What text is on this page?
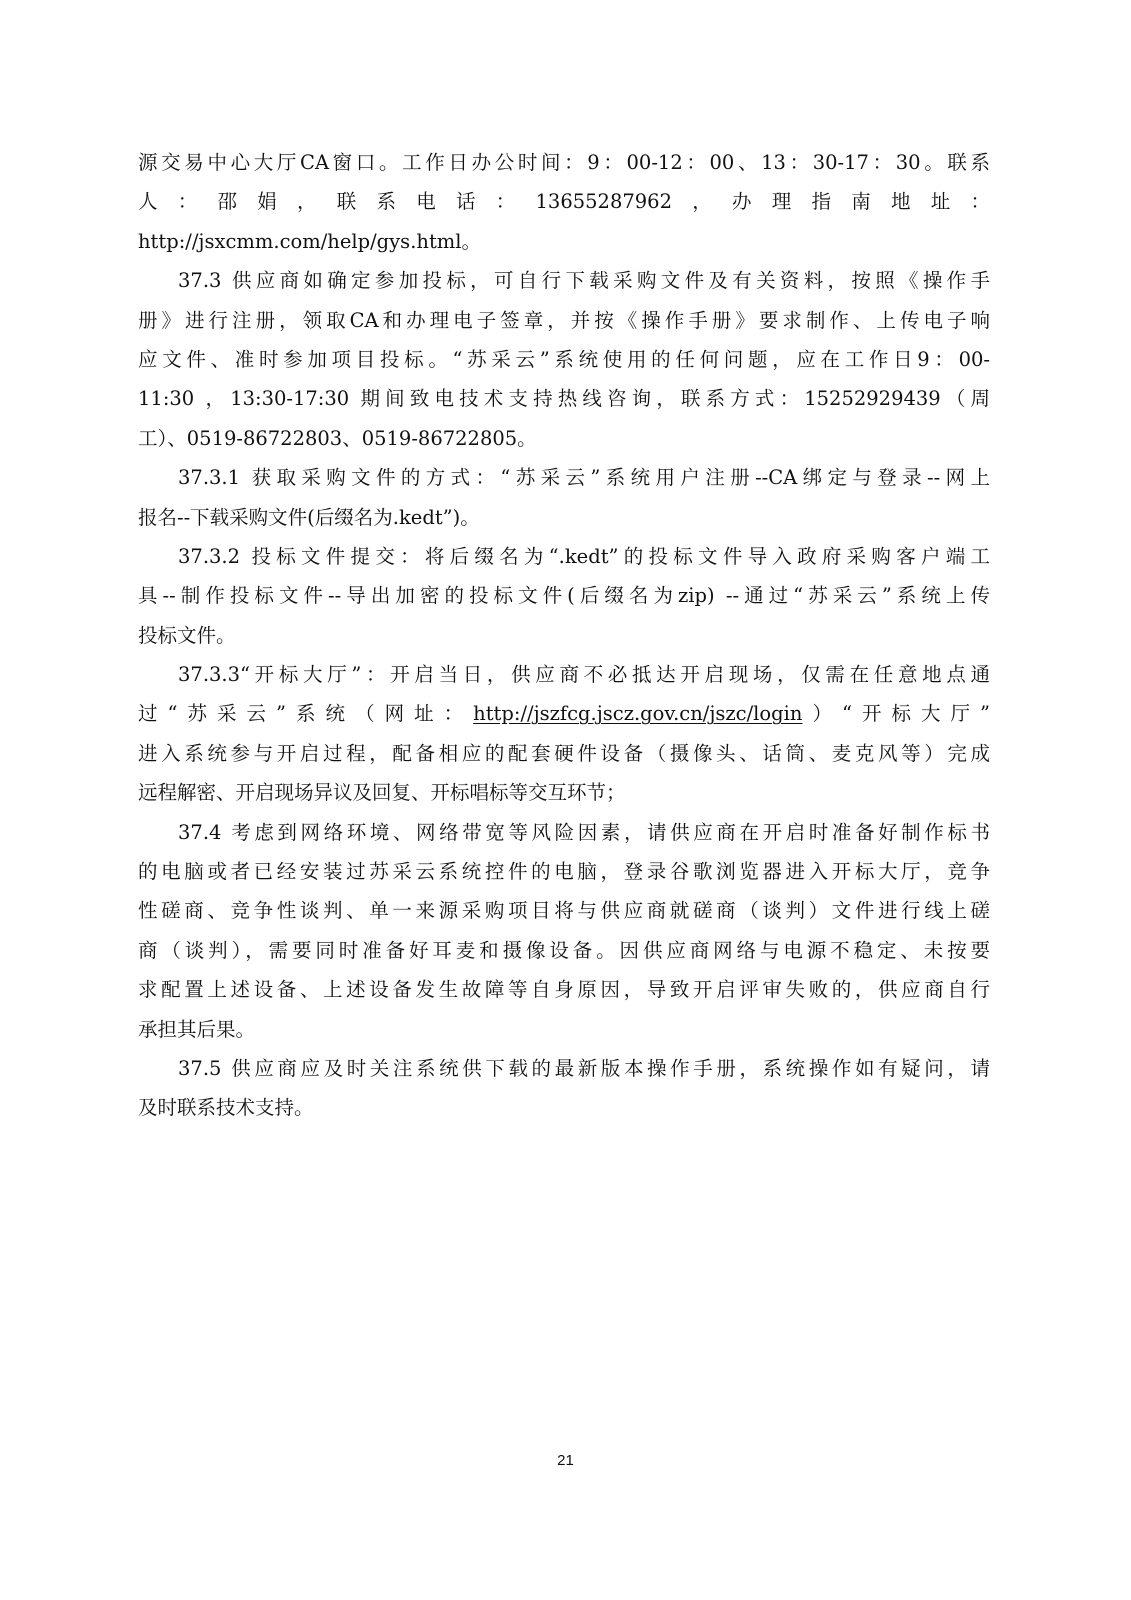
源交易中心大厅CA窗口。工作日办公时间：9：00-12：00、13：30-17：30。联系
人：邵娟，联系电话：13655287962，办理指南地址：
http://jsxcmm.com/help/gys.html。
37.3 供应商如确定参加投标，可自行下载采购文件及有关资料，按照《操作手
册》进行注册，领取CA和办理电子签章，并按《操作手册》要求制作、上传电子响
应文件、准时参加项目投标。“苏采云”系统使用的任何问题，应在工作日9：00-
11:30 ，13:30-17:30 期间致电技术支持热线咨询，联系方式：15252929439（周
工）、0519-86722803、0519-86722805。
37.3.1 获取采购文件的方式：“苏采云”系统用户注册--CA绑定与登录--网上
报名--下载采购文件(后缀名为.kedt”)。
37.3.2 投标文件提交：将后缀名为“.kedt”的投标文件导入政府采购客户端工
具--制作投标文件--导出加密的投标文件(后缀名为zip) --通过“苏采云”系统上传
投标文件。
37.3.3“开标大厅”：开启当日，供应商不必抵达开启现场，仅需在任意地点通
过“苏采云”系统（网址：http://jszfcg.jscz.gov.cn/jszc/login）“开标大厅”
进入系统参与开启过程，配备相应的配套硬件设备（摄像头、话筒、麦克风等）完成
远程解密、开启现场异议及回复、开标唱标等交互环节；
37.4 考虑到网络环境、网络带宽等风险因素，请供应商在开启时准备好制作标书
的电脑或者已经安装过苏采云系统控件的电脑，登录谷歌浏览器进入开标大厅，竞争
性磋商、竞争性谈判、单一来源采购项目将与供应商就磋商（谈判）文件进行线上磋
商（谈判），需要同时准备好耳麦和摄像设备。因供应商网络与电源不稳定、未按要
求配置上述设备、上述设备发生故障等自身原因，导致开启评审失败的，供应商自行
承担其后果。
37.5 供应商应及时关注系统供下载的最新版本操作手册，系统操作如有疑问，请
及时联系技术支持。
21
